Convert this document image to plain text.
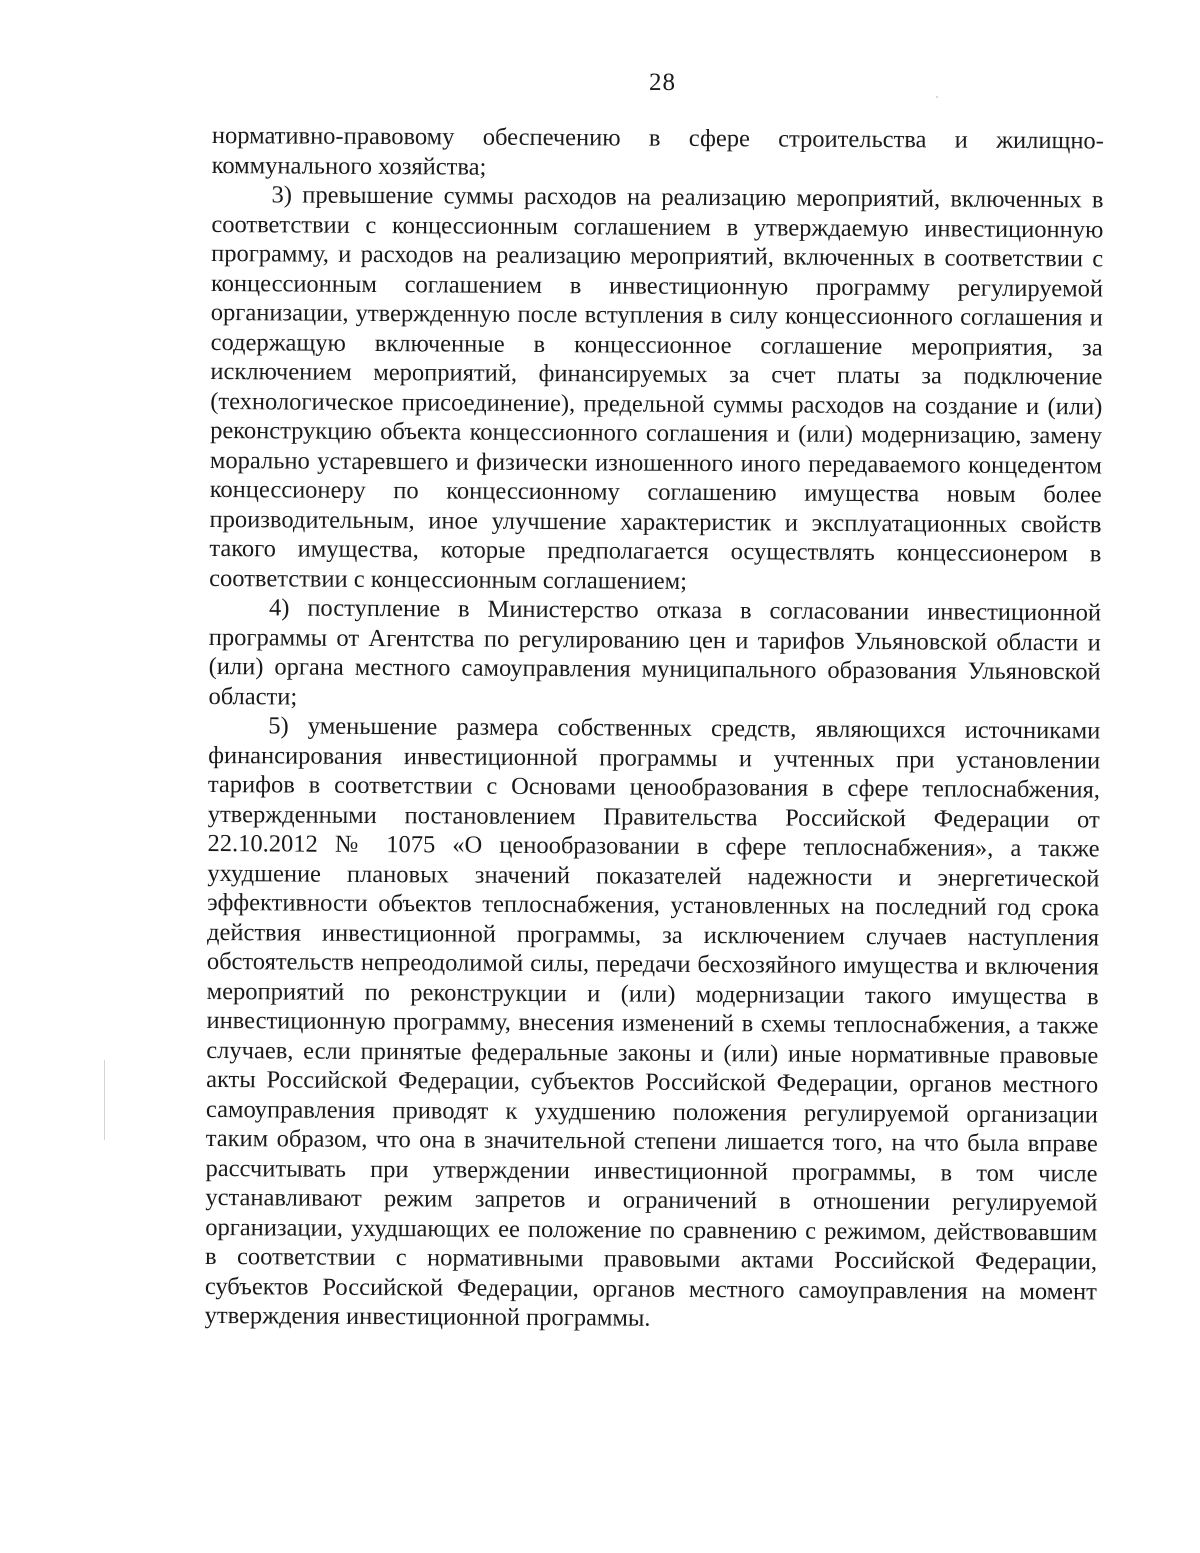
28

нормативно-правовому обеспечению в сфере строительства и жилищно-коммунального хозяйства;

3) превышение суммы расходов на реализацию мероприятий, включенных в соответствии с концессионным соглашением в утверждаемую инвестиционную программу, и расходов на реализацию мероприятий, включенных в соответствии с концессионным соглашением в инвестиционную программу регулируемой организации, утвержденную после вступления в силу концессионного соглашения и содержащую включенные в концессионное соглашение мероприятия, за исключением мероприятий, финансируемых за счет платы за подключение (технологическое присоединение), предельной суммы расходов на создание и (или) реконструкцию объекта концессионного соглашения и (или) модернизацию, замену морально устаревшего и физически изношенного иного передаваемого концедентом концессионеру по концессионному соглашению имущества новым более производительным, иное улучшение характеристик и эксплуатационных свойств такого имущества, которые предполагается осуществлять концессионером в соответствии с концессионным соглашением;

4) поступление в Министерство отказа в согласовании инвестиционной программы от Агентства по регулированию цен и тарифов Ульяновской области и (или) органа местного самоуправления муниципального образования Ульяновской области;

5) уменьшение размера собственных средств, являющихся источниками финансирования инвестиционной программы и учтенных при установлении тарифов в соответствии с Основами ценообразования в сфере теплоснабжения, утвержденными постановлением Правительства Российской Федерации от 22.10.2012 № 1075 «О ценообразовании в сфере теплоснабжения», а также ухудшение плановых значений показателей надежности и энергетической эффективности объектов теплоснабжения, установленных на последний год срока действия инвестиционной программы, за исключением случаев наступления обстоятельств непреодолимой силы, передачи бесхозяйного имущества и включения мероприятий по реконструкции и (или) модернизации такого имущества в инвестиционную программу, внесения изменений в схемы теплоснабжения, а также случаев, если принятые федеральные законы и (или) иные нормативные правовые акты Российской Федерации, субъектов Российской Федерации, органов местного самоуправления приводят к ухудшению положения регулируемой организации таким образом, что она в значительной степени лишается того, на что была вправе рассчитывать при утверждении инвестиционной программы, в том числе устанавливают режим запретов и ограничений в отношении регулируемой организации, ухудшающих ее положение по сравнению с режимом, действовавшим в соответствии с нормативными правовыми актами Российской Федерации, субъектов Российской Федерации, органов местного самоуправления на момент утверждения инвестиционной программы.
